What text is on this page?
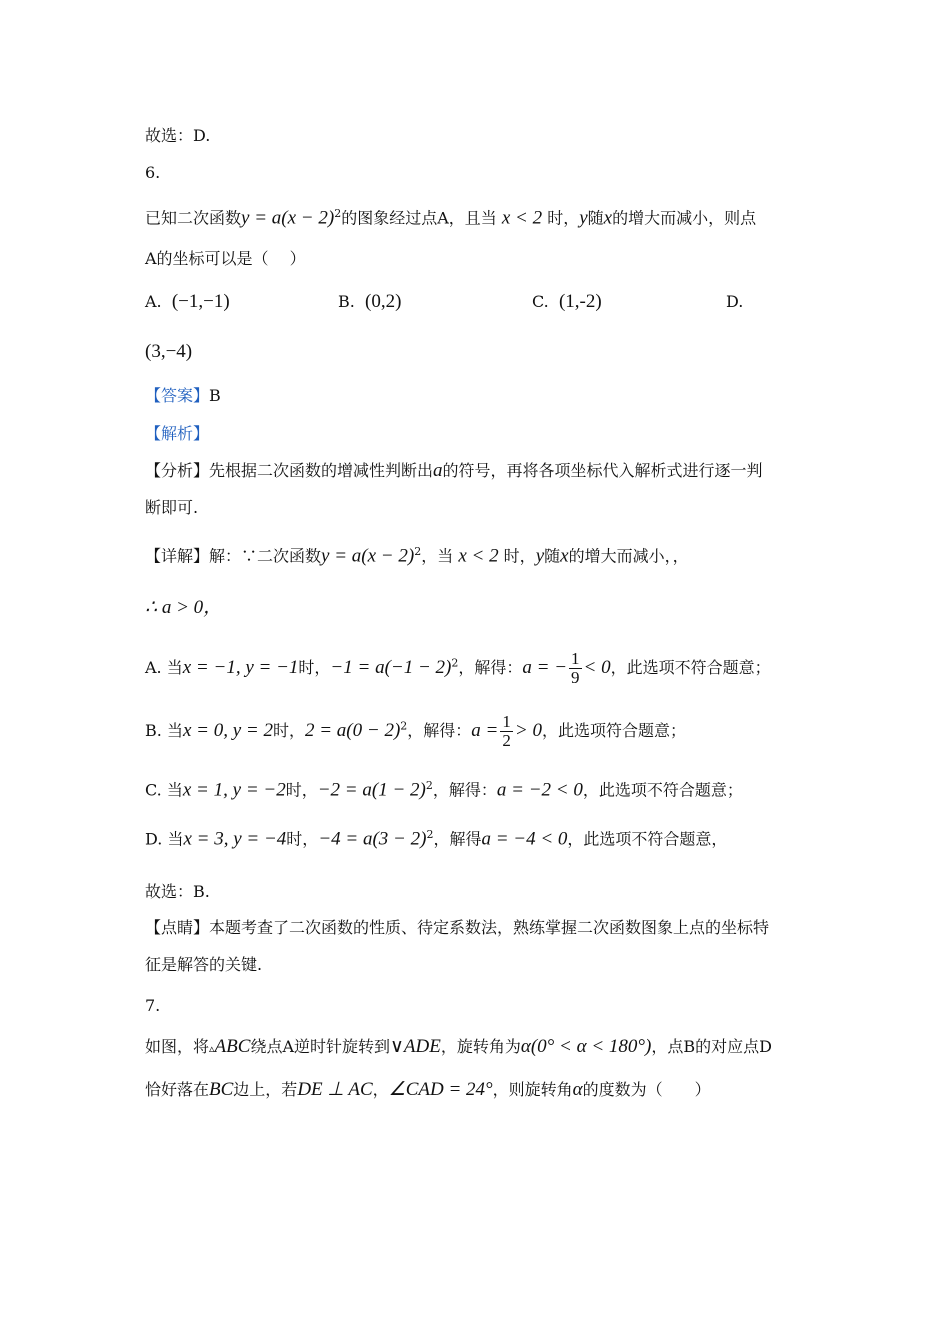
故选：D.
6.
已知二次函数$y = a(x - 2)^2$的图象经过点A，且当 x < 2 时，y随x的增大而减小，则点
A的坐标可以是（　 ）
A. (−1,−1)	B. (0,2)	C. (1,-2)	D.
(3,−4)
【答案】B
【解析】
【分析】先根据二次函数的增减性判断出a的符号，再将各项坐标代入解析式进行逐一判
断即可.
【详解】解：∵二次函数$y = a(x - 2)^2$，当 x < 2 时，y随x的增大而减小，，
∴ a > 0，
A. 当x = −1, y = −1时，$-1 = a(-1 - 2)^2$，解得：a = − $\frac{1}{9} < 0$，此选项不符合题意；
B. 当x = 0, y = 2时，$2 = a(0 - 2)^2$，解得：$a = \frac{1}{2} > 0$，此选项符合题意；
C. 当x = 1, y = −2时，$-2 = a(1 - 2)^2$，解得：a = −2 < 0，此选项不符合题意；
D. 当x = 3, y = −4时，$-4 = a(3 - 2)^2$，解得a = −4 < 0，此选项不符合题意，
故选：B.
【点睛】本题考查了二次函数的性质、待定系数法，熟练掌握二次函数图象上点的坐标特
征是解答的关键.
7.
如图，将▵ABC绕点A逆时针旋转到∨ADE，旋转角为α(0° < α < 180°)，点B的对应点D
恰好落在BC边上，若DE ⊥ AC，∠CAD = 24°，则旋转角α的度数为（　　）
